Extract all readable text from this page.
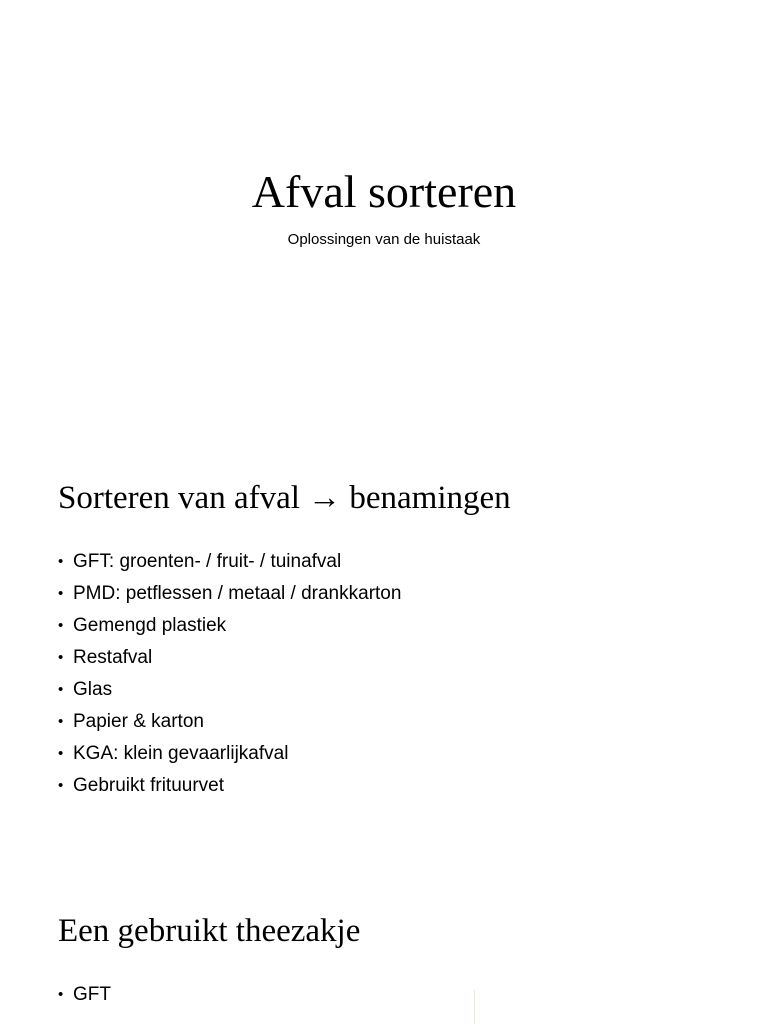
Afval sorteren
Oplossingen van de huistaak
Sorteren van afval → benamingen
• GFT: groenten- / fruit- / tuinafval
• PMD: petflessen / metaal / drankkarton
• Gemengd plastiek
• Restafval
• Glas
• Papier & karton
• KGA: klein gevaarlijkafval
• Gebruikt frituurvet
Een gebruikt theezakje
• GFT
